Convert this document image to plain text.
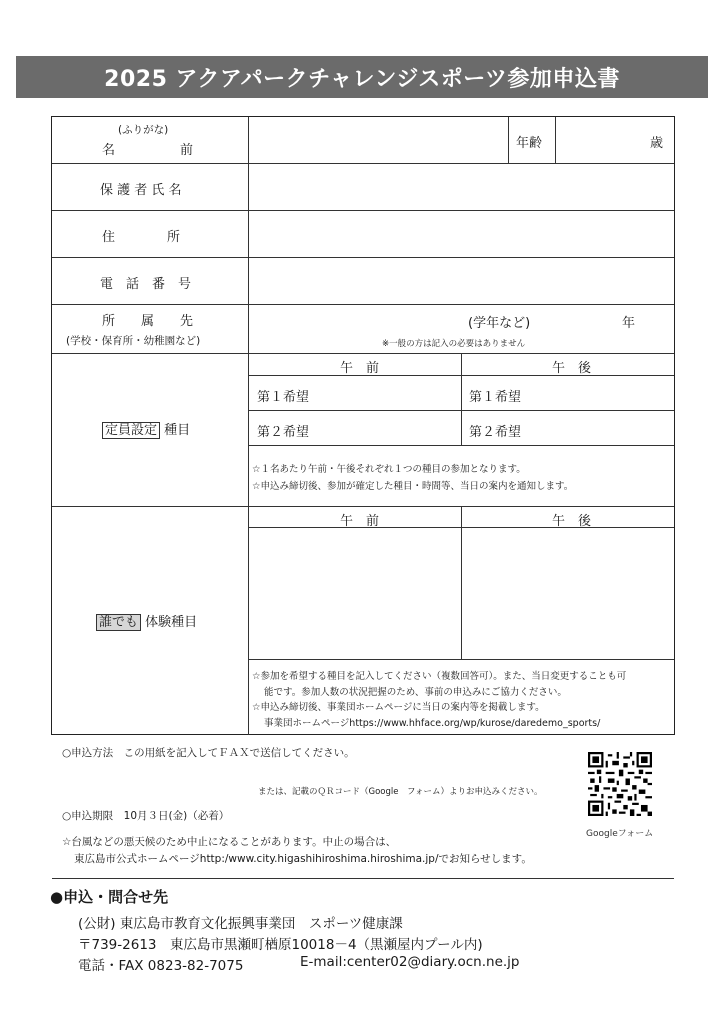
2025 アクアパークチャレンジスポーツ参加申込書
(ふりがな)
名　　　　　前	年齢	歳
保 護 者 氏 名
住　　　　所
電　話　番　号
所　　属　　先
(学校・保育所・幼稚園など)
(学年など)	年
※一般の方は記入の必要はありません
定員設定 種目
午　前	午　後
第１希望	第１希望
第２希望	第２希望
☆１名あたり午前・午後それぞれ１つの種目の参加となります。
☆申込み締切後、参加が確定した種目・時間等、当日の案内を通知します。
誰でも 体験種目
午　前	午　後
☆参加を希望する種目を記入してください（複数回答可）。また、当日変更することも可
能です。参加人数の状況把握のため、事前の申込みにご協力ください。
☆申込み締切後、事業団ホームページに当日の案内等を掲載します。
事業団ホームページhttps://www.hhface.org/wp/kurose/daredemo_sports/
○申込方法　この用紙を記入してＦＡＸで送信してください。
または、記載のＱＲコード（Google　フォーム）よりお申込みください。
○申込期限　10月３日(金)（必着）
Googleフォーム
☆台風などの悪天候のため中止になることがあります。中止の場合は、
東広島市公式ホームページhttp:/www.city.higashihiroshima.hiroshima.jp/でお知らせします。
●申込・問合せ先
(公財) 東広島市教育文化振興事業団　スポーツ健康課
〒739-2613　東広島市黒瀬町楢原10018－4（黒瀬屋内プール内)
電話・FAX 0823-82-7075	E-mail:center02@diary.ocn.ne.jp
